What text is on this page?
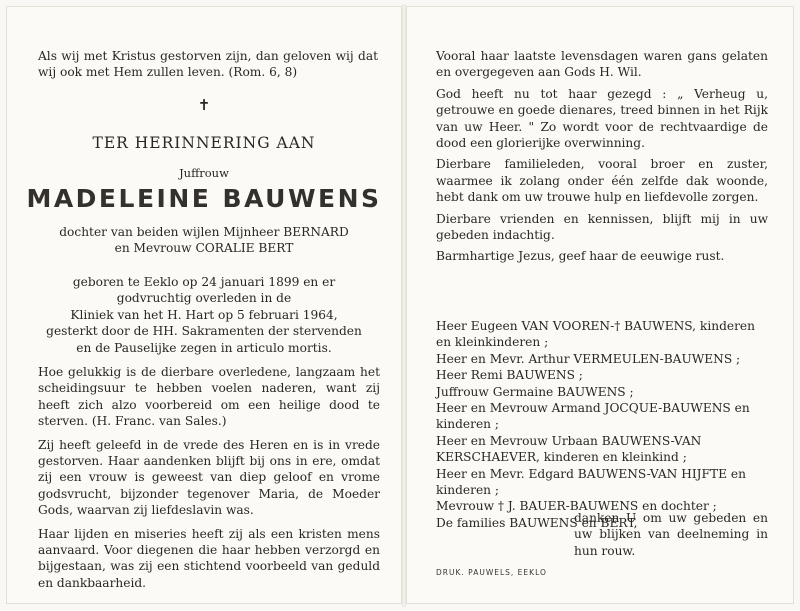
Als wij met Kristus gestorven zijn, dan geloven wij dat wij ook met Hem zullen leven. (Rom. 6, 8)
✝
TER HERINNERING AAN
Juffrouw
MADELEINE BAUWENS
dochter van beiden wijlen Mijnheer BERNARD
en Mevrouw CORALIE BERT
geboren te Eeklo op 24 januari 1899 en er
godvruchtig overleden in de
Kliniek van het H. Hart op 5 februari 1964,
gesterkt door de HH. Sakramenten der stervenden
en de Pauselijke zegen in articulo mortis.

Hoe gelukkig is de dierbare overledene, langzaam het scheidingsuur te hebben voelen naderen, want zij heeft zich alzo voorbereid om een heilige dood te sterven. (H. Franc. van Sales.)

Zij heeft geleefd in de vrede des Heren en is in vrede gestorven. Haar aandenken blijft bij ons in ere, omdat zij een vrouw is geweest van diep geloof en vrome godsvrucht, bijzonder tegenover Maria, de Moeder Gods, waarvan zij liefdeslavin was.

Haar lijden en miseries heeft zij als een kristen mens aanvaard. Voor diegenen die haar hebben verzorgd en bijgestaan, was zij een stichtend voorbeeld van geduld en dankbaarheid.

Vooral haar laatste levensdagen waren gans gelaten en overgegeven aan Gods H. Wil.

God heeft nu tot haar gezegd : „ Verheug u, getrouwe en goede dienares, treed binnen in het Rijk van uw Heer. " Zo wordt voor de rechtvaardige de dood een glorierijke overwinning.

Dierbare familieleden, vooral broer en zuster, waarmee ik zolang onder één zelfde dak woonde, hebt dank om uw trouwe hulp en liefdevolle zorgen.

Dierbare vrienden en kennissen, blijft mij in uw gebeden indachtig.

Barmhartige Jezus, geef haar de eeuwige rust.

Heer Eugeen VAN VOOREN-† BAUWENS, kinderen en kleinkinderen ;
Heer en Mevr. Arthur VERMEULEN-BAUWENS ;
Heer Remi BAUWENS ;
Juffrouw Germaine BAUWENS ;
Heer en Mevrouw Armand JOCQUE-BAUWENS en kinderen ;
Heer en Mevrouw Urbaan BAUWENS-VAN KERSCHAEVER, kinderen en kleinkind ;
Heer en Mevr. Edgard BAUWENS-VAN HIJFTE en kinderen ;
Mevrouw † J. BAUER-BAUWENS en dochter ;
De families BAUWENS en BERT,
danken U om uw gebeden en uw blijken van deelneming in hun rouw.
DRUK. PAUWELS, EEKLO
